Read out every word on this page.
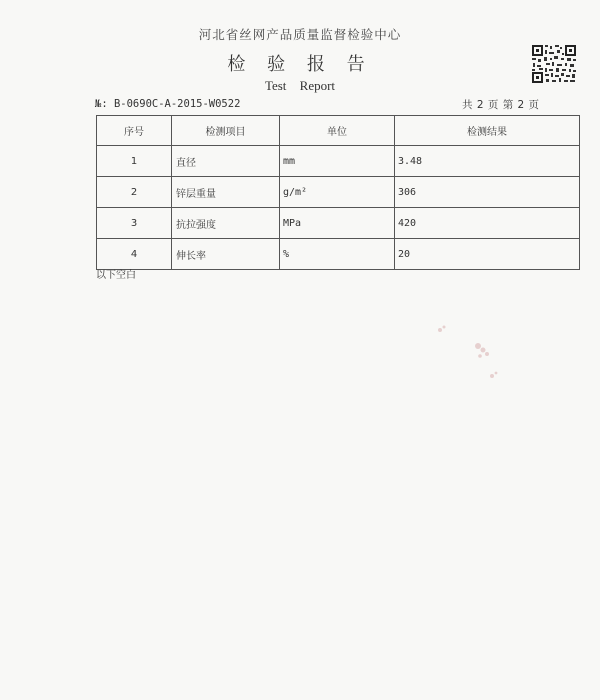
河北省丝网产品质量监督检验中心
检 验 报 告
Test Report
№: B-0690C-A-2015-W0522	共 2 页 第 2 页
序号	检测项目	单位	检测结果
1	直径	mm	3.48
2	锌层重量	g/m²	306
3	抗拉强度	MPa	420
4	伸长率	%	20
以下空白
